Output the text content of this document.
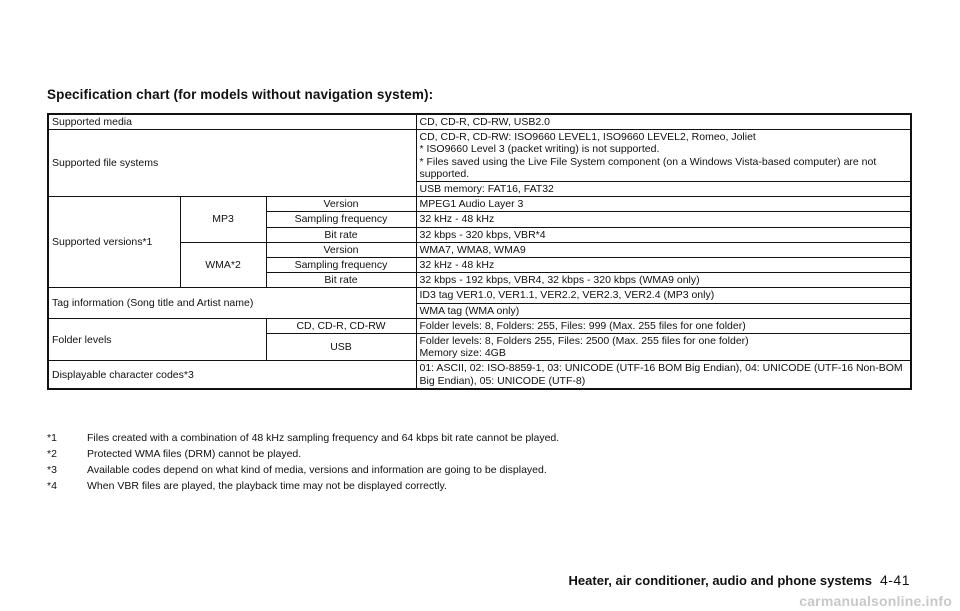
Specification chart (for models without navigation system):
Supported media			CD, CD-R, CD-RW, USB2.0
Supported file systems			CD, CD-R, CD-RW: ISO9660 LEVEL1, ISO9660 LEVEL2, Romeo, Joliet
* ISO9660 Level 3 (packet writing) is not supported.
* Files saved using the Live File System component (on a Windows Vista-based computer) are not supported.

			USB memory: FAT16, FAT32
Supported versions*1	MP3	Version	MPEG1 Audio Layer 3
		Sampling frequency	32 kHz - 48 kHz
		Bit rate	32 kbps - 320 kbps, VBR*4
	WMA*2	Version	WMA7, WMA8, WMA9
		Sampling frequency	32 kHz - 48 kHz
		Bit rate	32 kbps - 192 kbps, VBR4, 32 kbps - 320 kbps (WMA9 only)
Tag information (Song title and Artist name)			ID3 tag VER1.0, VER1.1, VER2.2, VER2.3, VER2.4 (MP3 only)
			WMA tag (WMA only)
Folder levels		CD, CD-R, CD-RW	Folder levels: 8, Folders: 255, Files: 999 (Max. 255 files for one folder)
		USB	Folder levels: 8, Folders 255, Files: 2500 (Max. 255 files for one folder)
Memory size: 4GB

Displayable character codes*3			01: ASCII, 02: ISO-8859-1, 03: UNICODE (UTF-16 BOM Big Endian), 04: UNICODE (UTF-16 Non-BOM Big Endian), 05: UNICODE (UTF-8)
*1	Files created with a combination of 48 kHz sampling frequency and 64 kbps bit rate cannot be played.
*2	Protected WMA files (DRM) cannot be played.
*3	Available codes depend on what kind of media, versions and information are going to be displayed.
*4	When VBR files are played, the playback time may not be displayed correctly.
Heater, air conditioner, audio and phone systems 4-41
carmanualsonline.info
